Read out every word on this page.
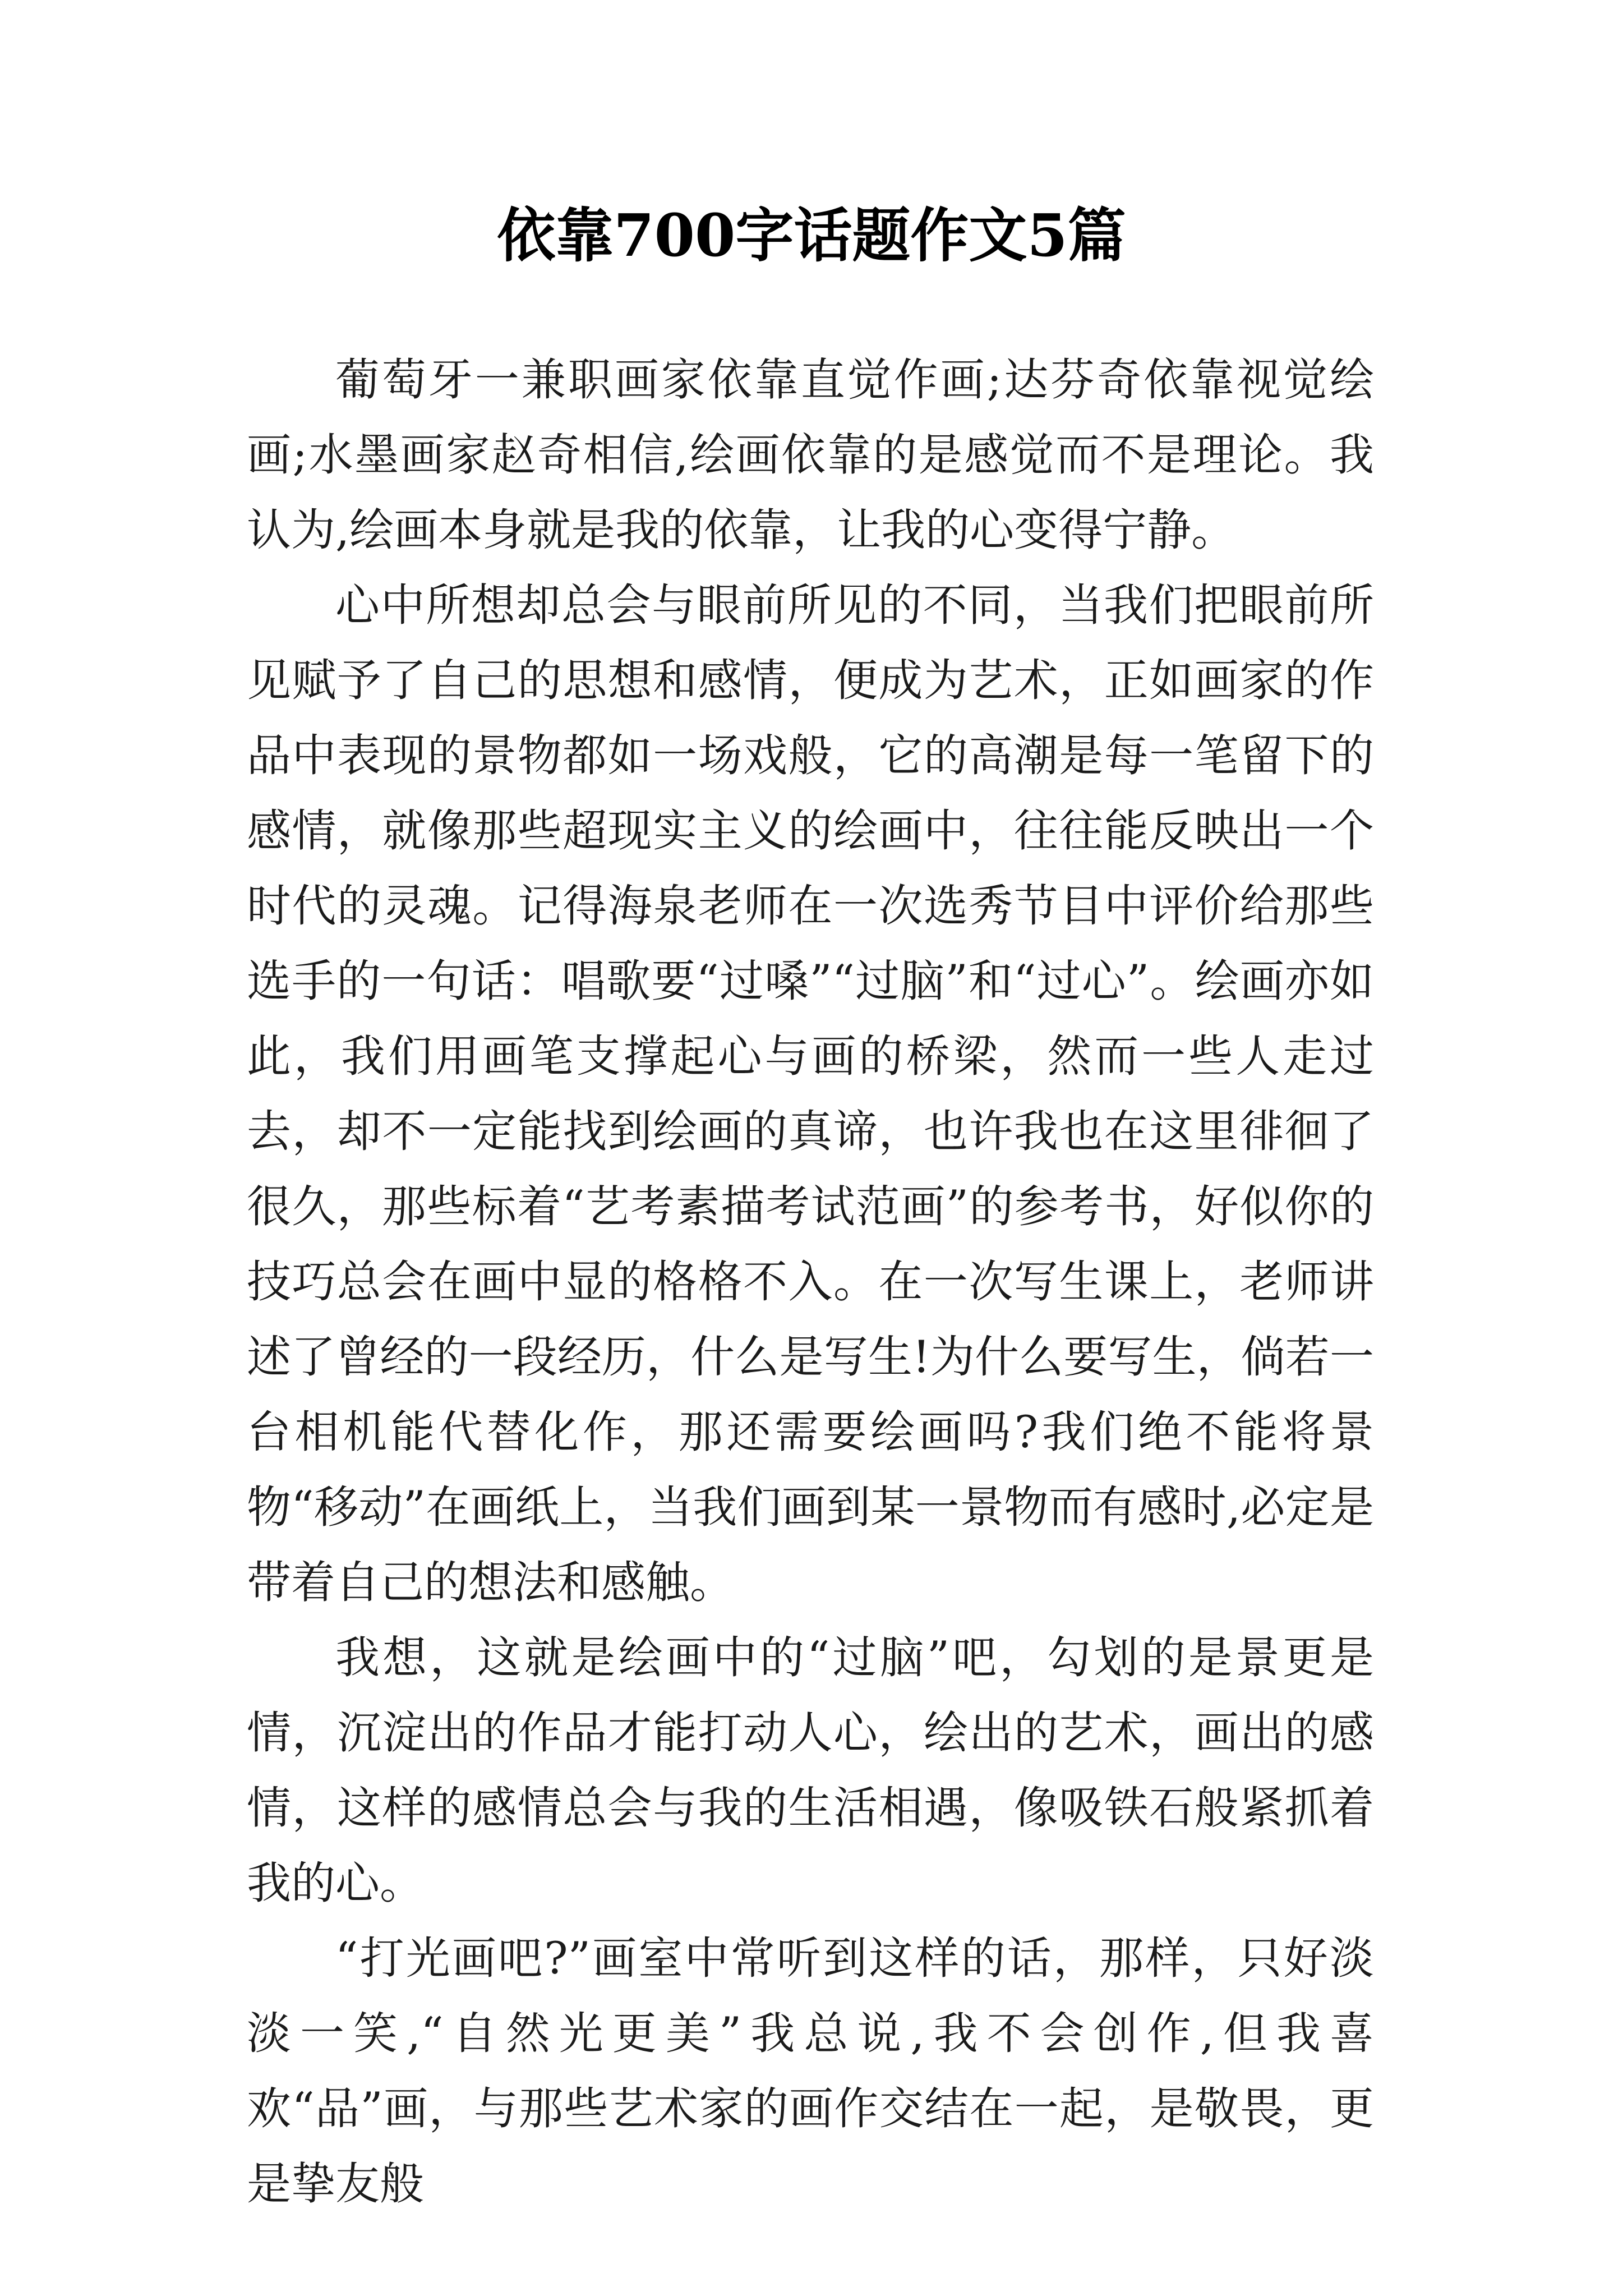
依靠700字话题作文5篇

葡萄牙一兼职画家依靠直觉作画;达芬奇依靠视觉绘画;水墨画家赵奇相信,绘画依靠的是感觉而不是理论。我认为,绘画本身就是我的依靠，让我的心变得宁静。

心中所想却总会与眼前所见的不同，当我们把眼前所见赋予了自己的思想和感情，便成为艺术，正如画家的作品中表现的景物都如一场戏般，它的高潮是每一笔留下的感情，就像那些超现实主义的绘画中，往往能反映出一个时代的灵魂。记得海泉老师在一次选秀节目中评价给那些选手的一句话：唱歌要“过嗓”“过脑”和“过心”。绘画亦如此，我们用画笔支撑起心与画的桥梁，然而一些人走过去，却不一定能找到绘画的真谛，也许我也在这里徘徊了很久，那些标着“艺考素描考试范画”的参考书，好似你的技巧总会在画中显的格格不入。在一次写生课上，老师讲述了曾经的一段经历，什么是写生!为什么要写生，倘若一台相机能代替化作，那还需要绘画吗?我们绝不能将景物“移动”在画纸上，当我们画到某一景物而有感时,必定是带着自己的想法和感触。

我想，这就是绘画中的“过脑”吧，勾划的是景更是情，沉淀出的作品才能打动人心，绘出的艺术，画出的感情，这样的感情总会与我的生活相遇，像吸铁石般紧抓着我的心。

“打光画吧?”画室中常听到这样的话，那样，只好淡淡一笑,“自然光更美”我总说,我不会创作,但我喜欢“品”画，与那些艺术家的画作交结在一起，是敬畏，更是挚友般
